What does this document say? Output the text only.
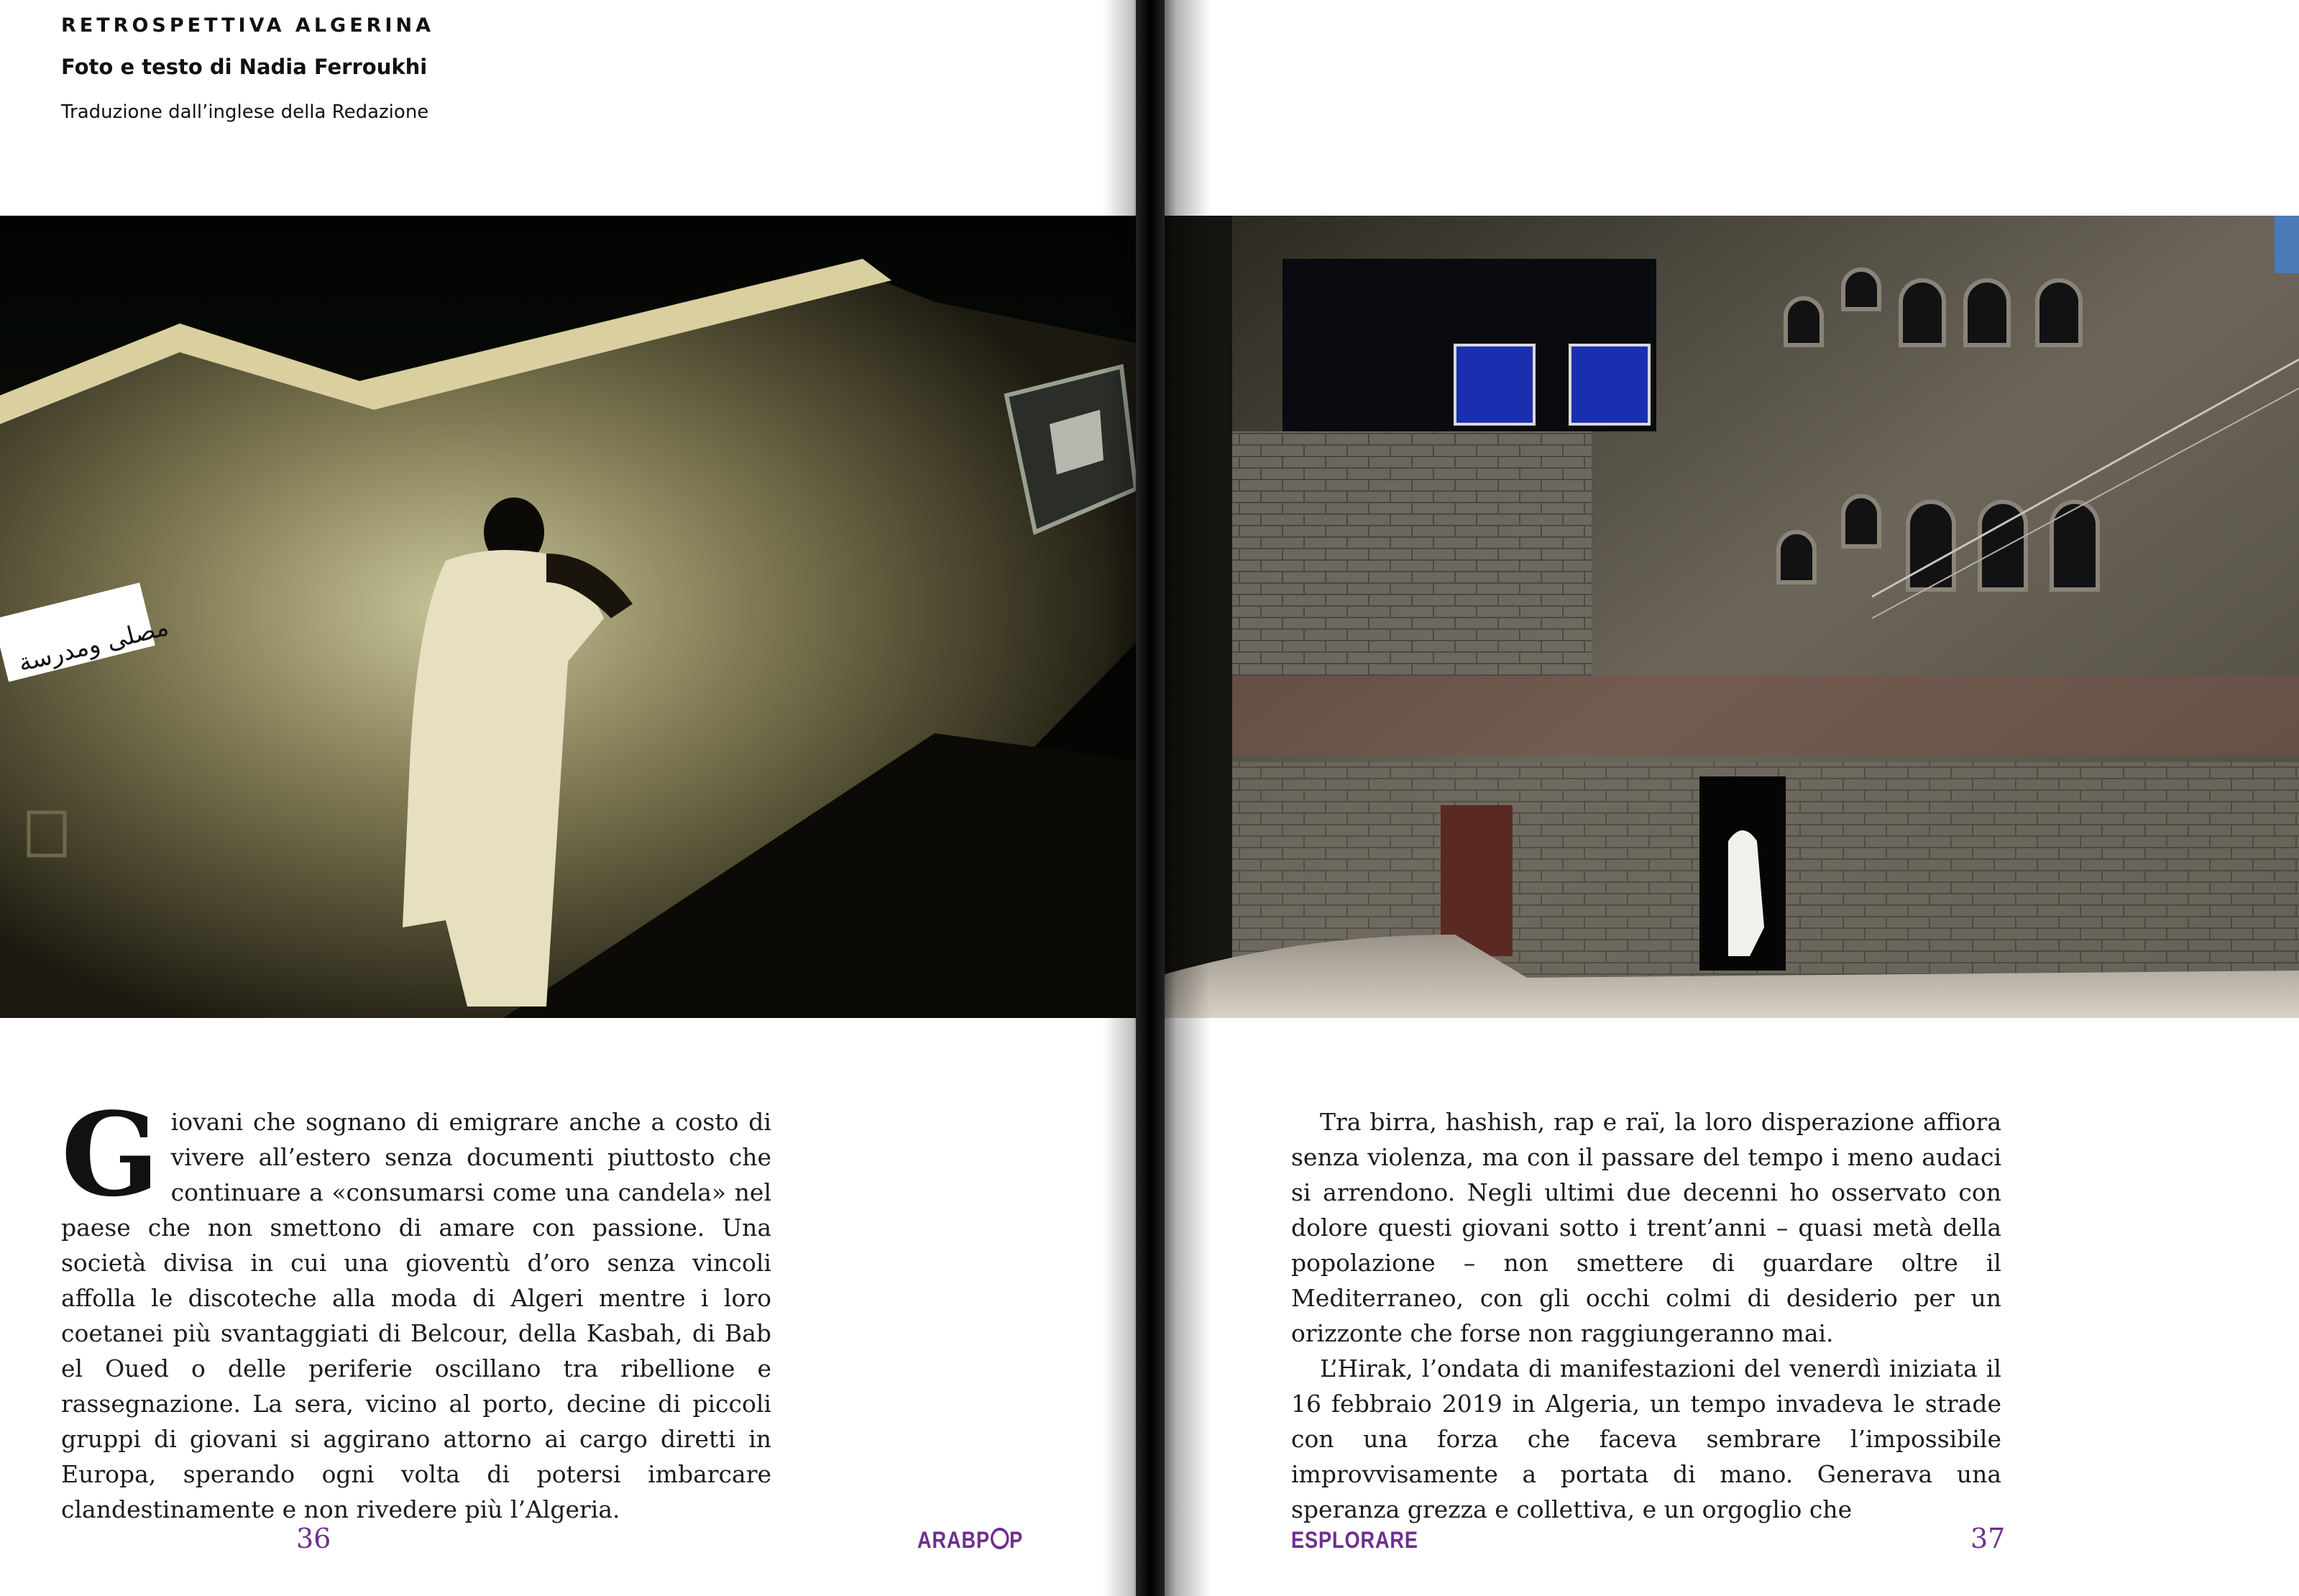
RETROSPETTIVA ALGERINA
Foto e testo di Nadia Ferroukhi
Traduzione dall’inglese della Redazione
مصلى ومدرسة
G iovani che sognano di emigrare anche a costo di vivere all’estero senza documenti piuttosto che continuare a «consumarsi come una candela» nel paese che non smettono di amare con passione. Una società divisa in cui una gioventù d’oro senza vincoli affolla le discoteche alla moda di Algeri mentre i loro coetanei più svantaggiati di Belcour, della Kasbah, di Bab el Oued o delle periferie oscillano tra ribellione e rassegnazione. La sera, vicino al porto, decine di piccoli gruppi di giovani si aggirano attorno ai cargo diretti in Europa, sperando ogni volta di potersi imbarcare clandestinamente e non rivedere più l’Algeria.

36	ARABP P

Tra birra, hashish, rap e raï, la loro disperazione affiora senza violenza, ma con il passare del tempo i meno audaci si arrendono. Negli ultimi due decenni ho osservato con dolore questi giovani sotto i trent’anni – quasi metà della popolazione – non smettere di guardare oltre il Mediterraneo, con gli occhi colmi di desiderio per un orizzonte che forse non raggiungeranno mai.

L’Hirak, l’ondata di manifestazioni del venerdì iniziata il 16 febbraio 2019 in Algeria, un tempo invadeva le strade con una forza che faceva sembrare l’impossibile improvvisamente a portata di mano. Generava una speranza grezza e collettiva, e un orgoglio che

ESPLORARE	37
